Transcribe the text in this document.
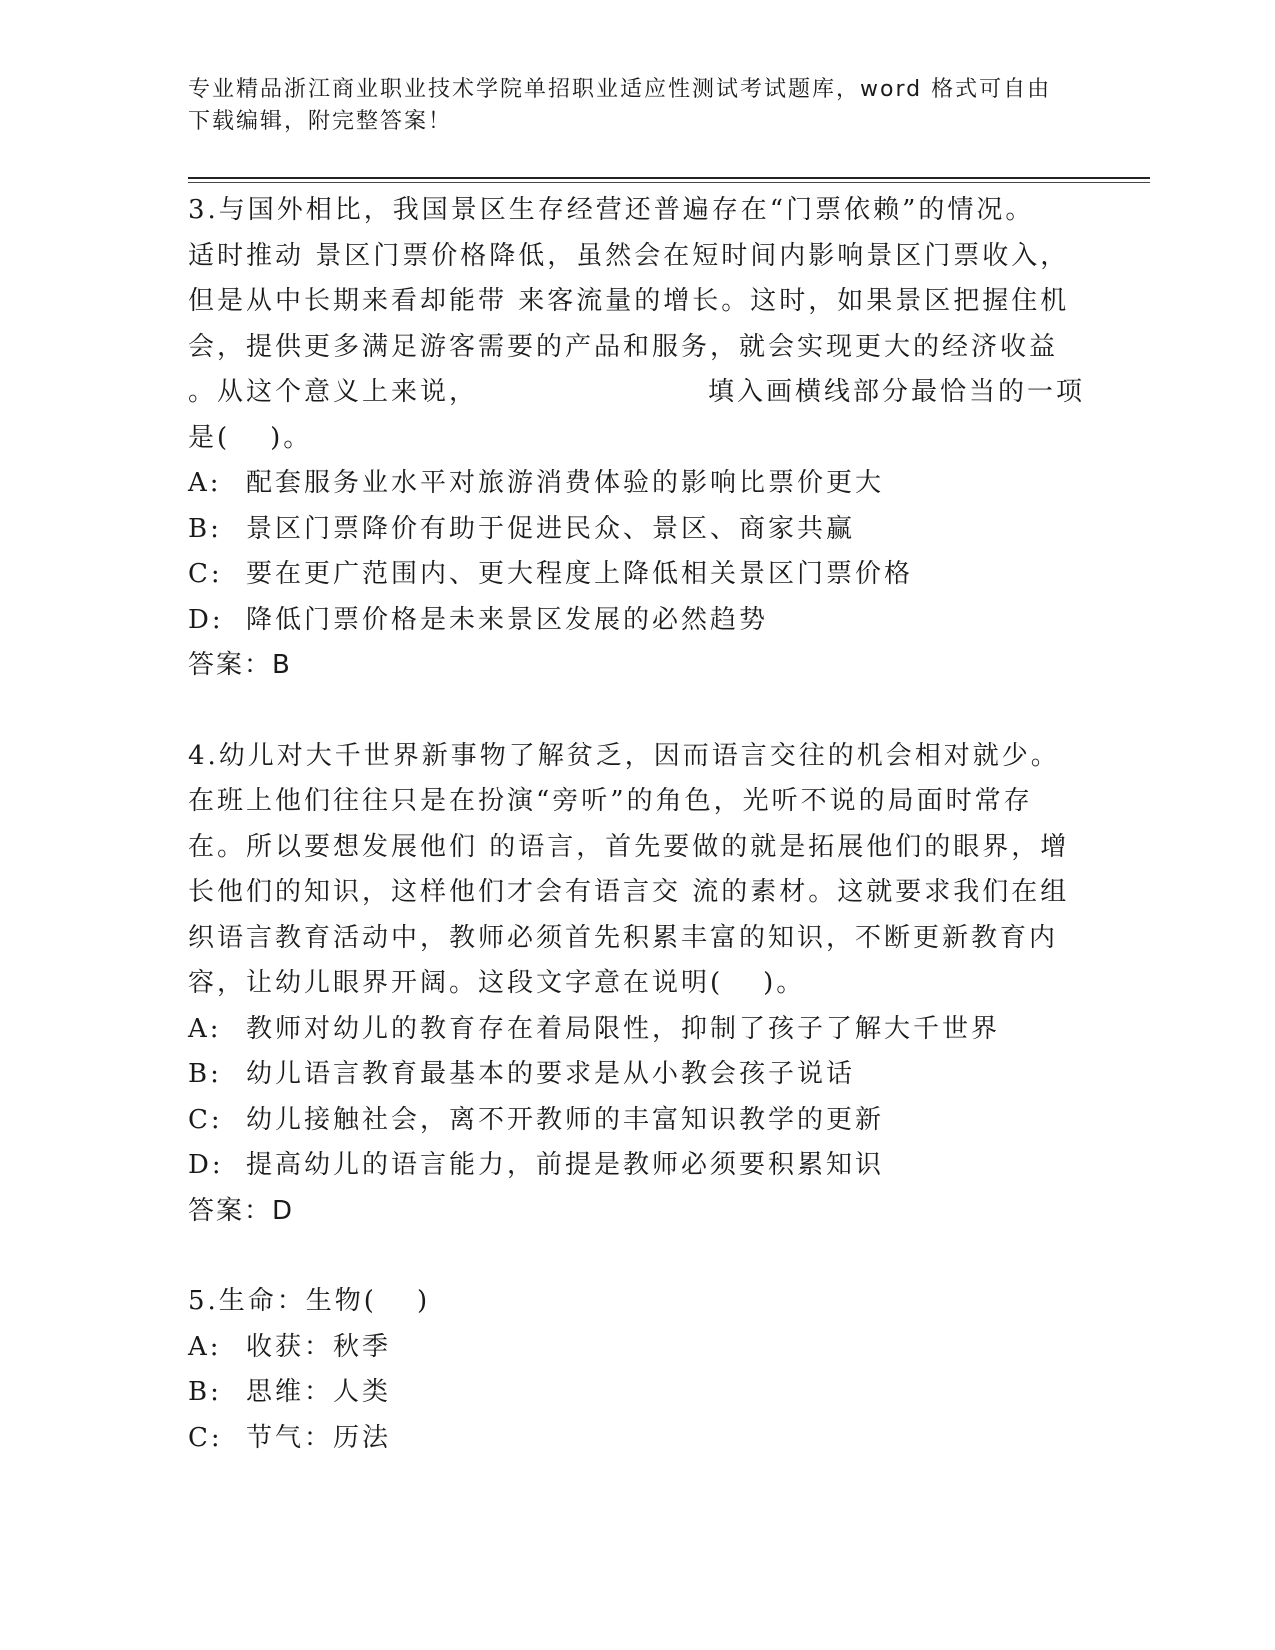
专业精品浙江商业职业技术学院单招职业适应性测试考试题库，word 格式可自由
下载编辑，附完整答案！

3.与国外相比，我国景区生存经营还普遍存在“门票依赖”的情况。

适时推动 景区门票价格降低，虽然会在短时间内影响景区门票收入，

但是从中长期来看却能带 来客流量的增长。这时，如果景区把握住机

会，提供更多满足游客需要的产品和服务，就会实现更大的经济收益

。从这个意义上来说，	填入画横线部分最恰当的一项

是( )。

A: 配套服务业水平对旅游消费体验的影响比票价更大
B: 景区门票降价有助于促进民众、景区、商家共赢
C: 要在更广范围内、更大程度上降低相关景区门票价格
D: 降低门票价格是未来景区发展的必然趋势

答案：B

4.幼儿对大千世界新事物了解贫乏，因而语言交往的机会相对就少。

在班上他们往往只是在扮演“旁听”的角色，光听不说的局面时常存

在。所以要想发展他们 的语言，首先要做的就是拓展他们的眼界，增

长他们的知识，这样他们才会有语言交 流的素材。这就要求我们在组

织语言教育活动中，教师必须首先积累丰富的知识，不断更新教育内

容，让幼儿眼界开阔。这段文字意在说明( )。

A: 教师对幼儿的教育存在着局限性，抑制了孩子了解大千世界
B: 幼儿语言教育最基本的要求是从小教会孩子说话
C: 幼儿接触社会，离不开教师的丰富知识教学的更新
D: 提高幼儿的语言能力，前提是教师必须要积累知识

答案：D

5.生命：生物( )

A: 收获：秋季
B: 思维：人类
C: 节气：历法
